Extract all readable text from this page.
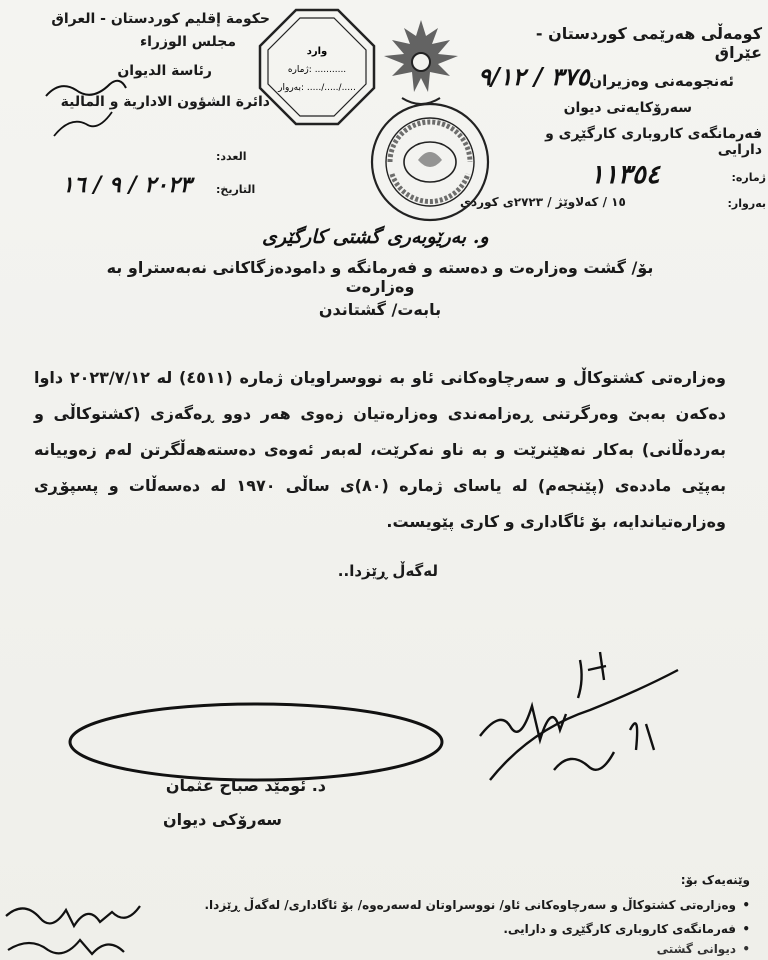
حكومة إقليم كوردستان - العراق
مجلس الوزراء
رئاسة الديوان
دائرة الشؤون الادارية و المالية
العدد:
التاريخ:
٢٠٢٣ / ٩ / ١٦
کومەڵی هەرێمی کوردستان - عێراق
ئەنجومەنی وەزیران
سەرۆکایەتی دیوان
فەرمانگەی کاروباری کارگێڕی و دارایی
ژمارە:
١١٣٥٤
بەروار:
١٥ / کەلاوێژ / ٢٧٢٣ی کوردی
٣٧٥ / ٩/١٢
وارد
ژمارە: ...........
بەروار: ...../...../.....
و. بەرێوبەری گشتی کارگێری
بۆ/ گشت وەزارەت و دەستە و فەرمانگە و دامودەزگاکانی نەبەستراو بە وەزارەت
بابەت/ گشتاندن
وەزارەتی کشتوکاڵ و سەرچاوەکانی ئاو بە نووسراویان ژمارە (٤٥١١) لە ٢٠٢٣/٧/١٢ داوا دەکەن بەبێ وەرگرتنی ڕەزامەندی وەزارەتیان زەوی هەر دوو ڕەگەزی (کشتوکاڵی و بەردەڵانی) بەکار نەهێنرێت و بە ناو نەکرێت، لەبەر ئەوەی دەستەهەڵگرتن لەم زەوییانە بەپێی ماددەی (پێنجەم) لە یاسای ژمارە (٨٠)ی ساڵی ١٩٧٠ لە دەسەڵات و پسپۆڕی وەزارەتیاندایە، بۆ ئاگاداری و کاری پێویست.
لەگەڵ ڕێزدا..
د. ئومێد صباح عثمان
سەرۆکی دیوان
وێنەیەک بۆ:
• وەزارەتی کشتوکاڵ و سەرچاوەکانی ئاو/ نووسراوتان لەسەرەوە/ بۆ ئاگاداری/ لەگەڵ ڕێزدا.
• فەرمانگەی کاروباری کارگێڕی و دارایی.
• دیوانی گشتی
